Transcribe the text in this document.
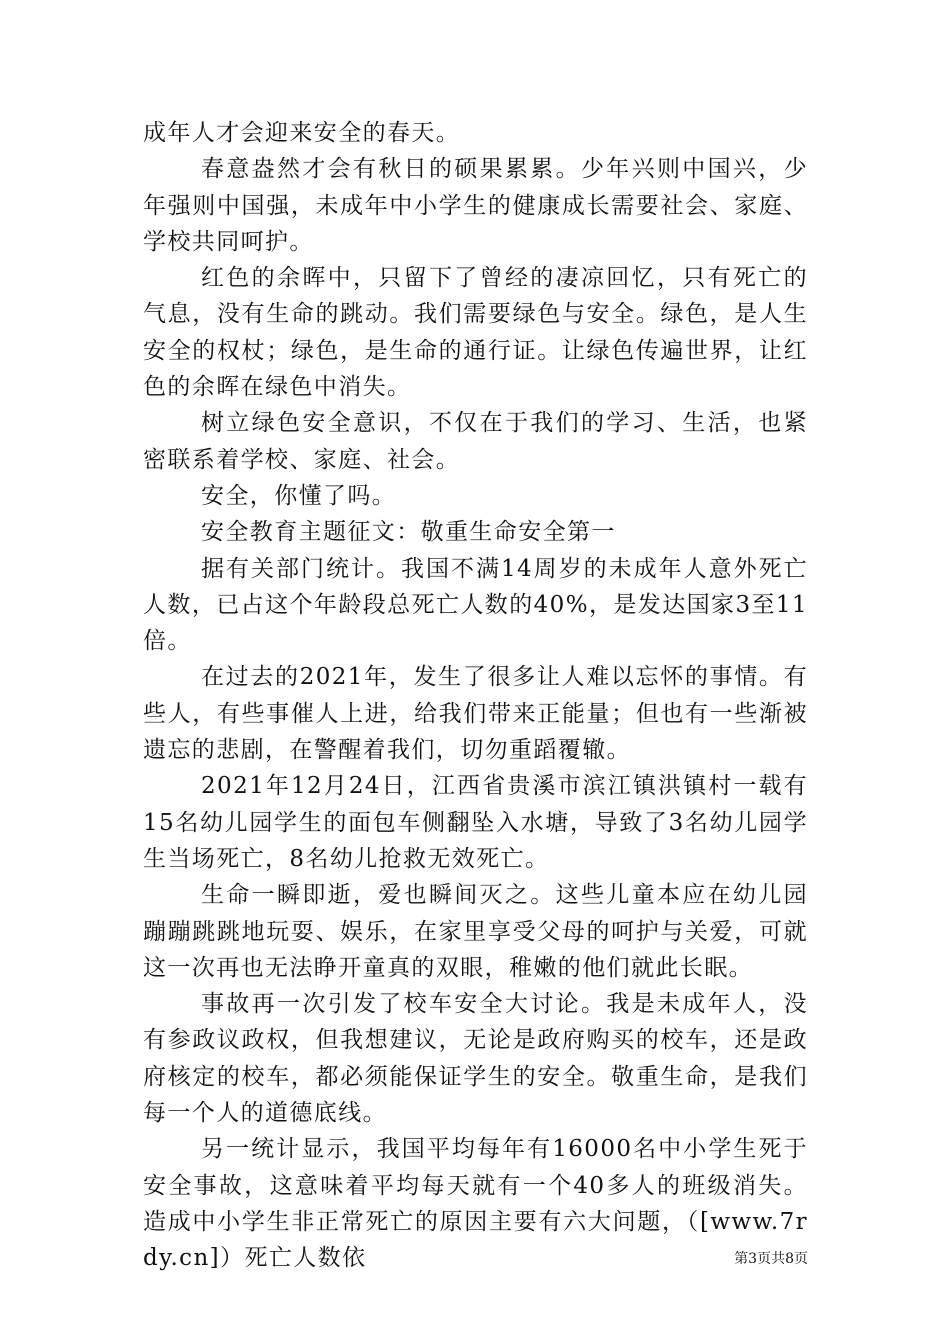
成年人才会迎来安全的春天。

春意盎然才会有秋日的硕果累累。少年兴则中国兴，少年强则中国强，未成年中小学生的健康成长需要社会、家庭、学校共同呵护。

红色的余晖中，只留下了曾经的凄凉回忆，只有死亡的气息，没有生命的跳动。我们需要绿色与安全。绿色，是人生安全的权杖；绿色，是生命的通行证。让绿色传遍世界，让红色的余晖在绿色中消失。

树立绿色安全意识，不仅在于我们的学习、生活，也紧密联系着学校、家庭、社会。

安全，你懂了吗。

安全教育主题征文：敬重生命安全第一

据有关部门统计。我国不满14周岁的未成年人意外死亡人数，已占这个年龄段总死亡人数的40%，是发达国家3至11倍。

在过去的2021年，发生了很多让人难以忘怀的事情。有些人，有些事催人上进，给我们带来正能量；但也有一些渐被遗忘的悲剧，在警醒着我们，切勿重蹈覆辙。

2021年12月24日，江西省贵溪市滨江镇洪镇村一载有15名幼儿园学生的面包车侧翻坠入水塘，导致了3名幼儿园学生当场死亡，8名幼儿抢救无效死亡。

生命一瞬即逝，爱也瞬间灭之。这些儿童本应在幼儿园蹦蹦跳跳地玩耍、娱乐，在家里享受父母的呵护与关爱，可就这一次再也无法睁开童真的双眼，稚嫩的他们就此长眠。

事故再一次引发了校车安全大讨论。我是未成年人，没有参政议政权，但我想建议，无论是政府购买的校车，还是政府核定的校车，都必须能保证学生的安全。敬重生命，是我们每一个人的道德底线。

另一统计显示，我国平均每年有16000名中小学生死于安全事故，这意味着平均每天就有一个40多人的班级消失。造成中小学生非正常死亡的原因主要有六大问题，（[www.7rdy.cn]）死亡人数依	第3页共8页
